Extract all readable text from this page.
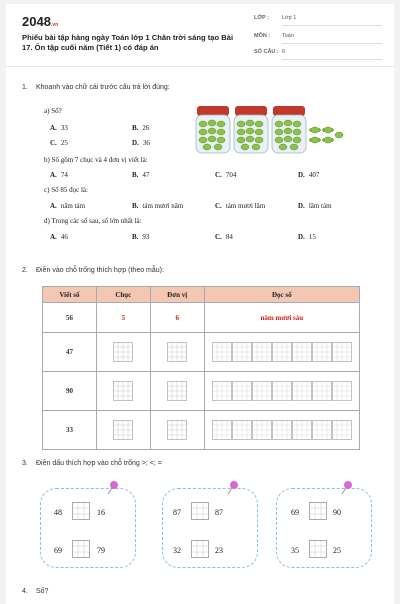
2048.vn
Phiếu bài tập hàng ngày Toán lớp 1 Chân trời sáng tạo Bài 17. Ôn tập cuối năm (Tiết 1) có đáp án
LỚP :	Lớp 1
MÔN :	Toán
SỐ CÂU : 6
1. Khoanh vào chữ cái trước câu trả lời đúng:
a) Số?
A. 33	B. 26
C. 25	D. 36
b) Số gồm 7 chục và 4 đơn vị viết là:
A. 74	B. 47	C. 704	D. 407
c) Số 85 đọc là:
A. năm tám	B. tám mươi năm	C. tám mươi lăm	D. lăm tám
d) Trong các số sau, số lớn nhất là:
A. 46	B. 93	C. 84	D. 15
2. Điền vào chỗ trống thích hợp (theo mẫu):
Viết số	Chục	Đơn vị	Đọc số
56	5	6	năm mươi sáu
47			
90			
33			
3. Điền dấu thích hợp vào chỗ trống >; <; =
48	16
69	79
87	87
32	23
69	90
35	25
4. Số?
